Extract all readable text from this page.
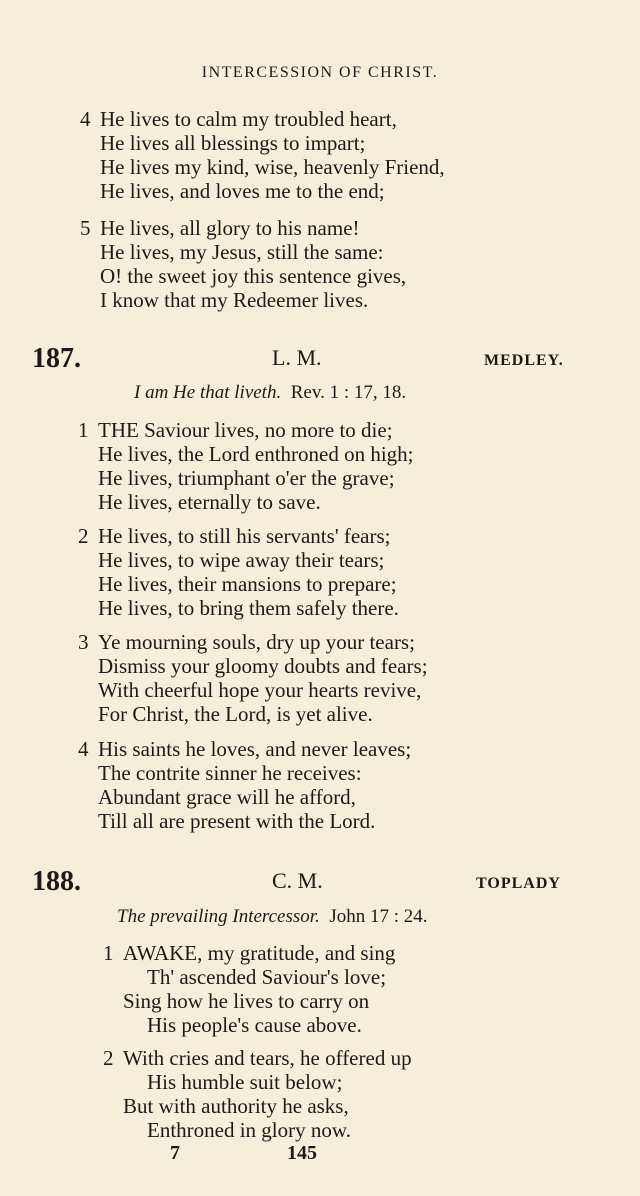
INTERCESSION OF CHRIST.
4 He lives to calm my troubled heart,
He lives all blessings to impart;
He lives my kind, wise, heavenly Friend,
He lives, and loves me to the end;
5 He lives, all glory to his name!
He lives, my Jesus, still the same:
O! the sweet joy this sentence gives,
I know that my Redeemer lives.
187.	L. M.	MEDLEY.
I am He that liveth. Rev. 1 : 17, 18.
1 THE Saviour lives, no more to die;
He lives, the Lord enthroned on high;
He lives, triumphant o'er the grave;
He lives, eternally to save.
2 He lives, to still his servants' fears;
He lives, to wipe away their tears;
He lives, their mansions to prepare;
He lives, to bring them safely there.
3 Ye mourning souls, dry up your tears;
Dismiss your gloomy doubts and fears;
With cheerful hope your hearts revive,
For Christ, the Lord, is yet alive.
4 His saints he loves, and never leaves;
The contrite sinner he receives:
Abundant grace will he afford,
Till all are present with the Lord.
188.	C. M.	TOPLADY
The prevailing Intercessor. John 17 : 24.
1 AWAKE, my gratitude, and sing
Th' ascended Saviour's love;
Sing how he lives to carry on
His people's cause above.
2 With cries and tears, he offered up
His humble suit below;
But with authority he asks,
Enthroned in glory now.
7	145
